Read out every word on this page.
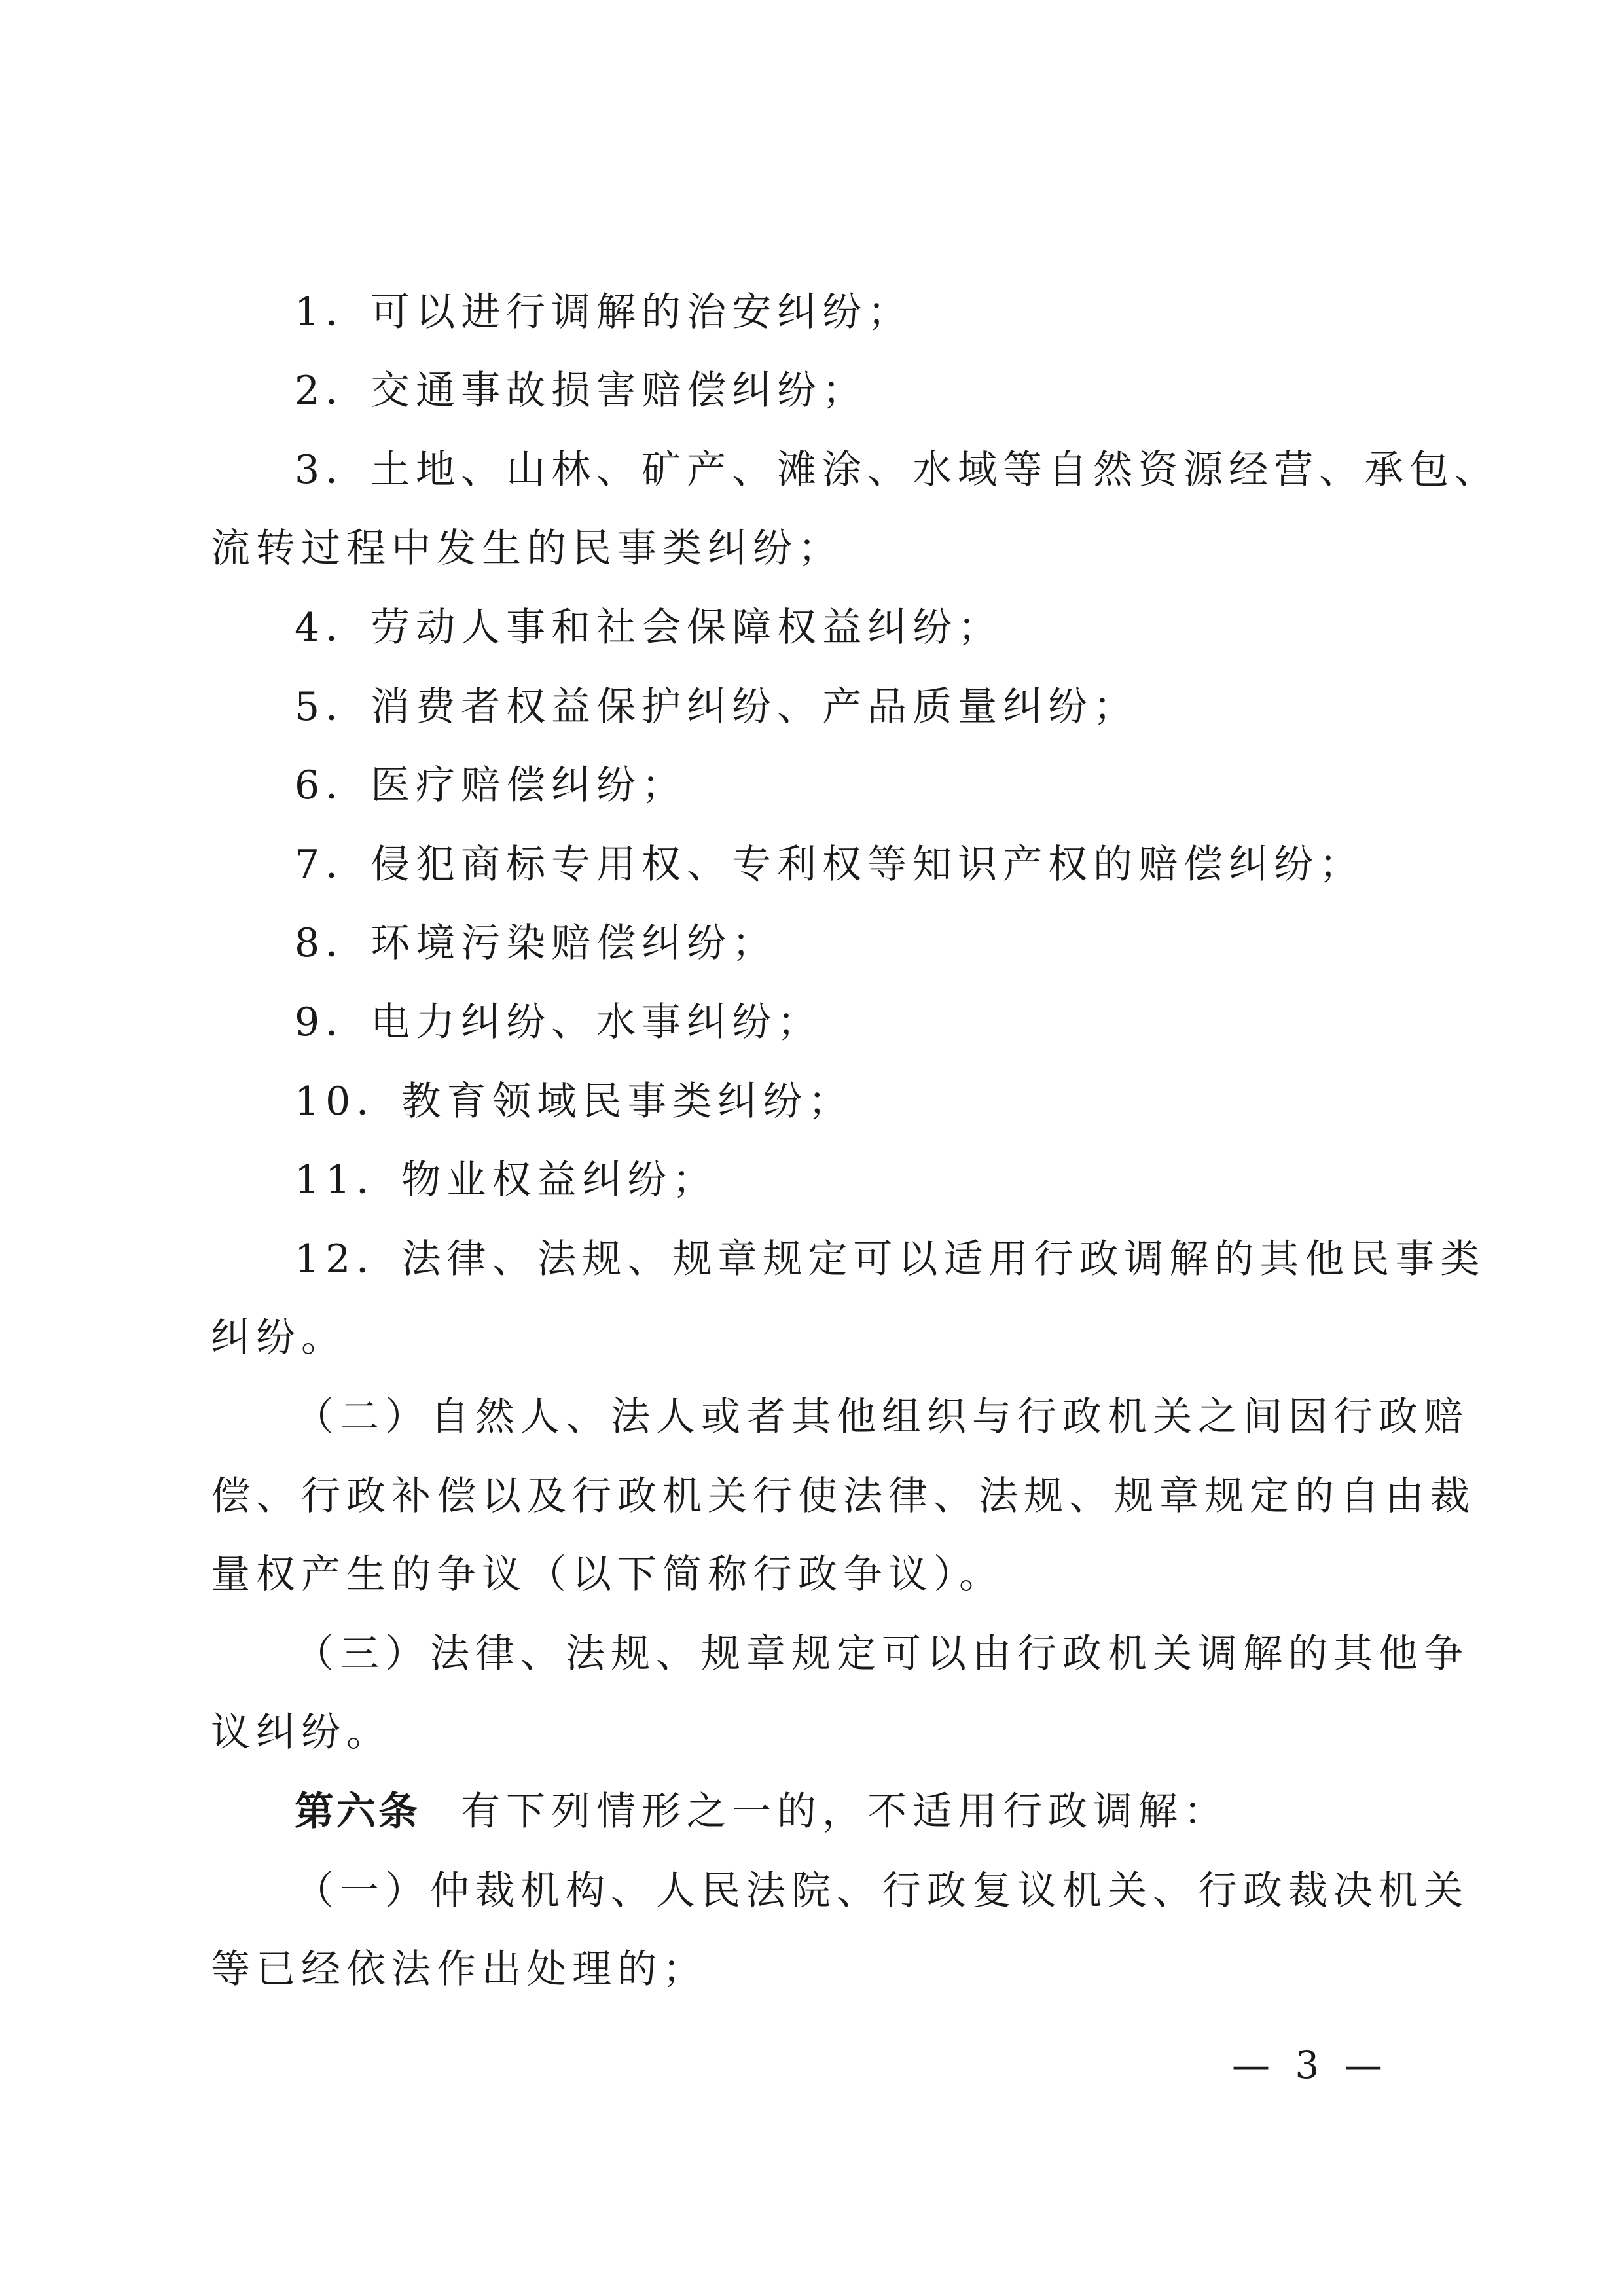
1．可以进行调解的治安纠纷；
2．交通事故损害赔偿纠纷；
3．土地、山林、矿产、滩涂、水域等自然资源经营、承包、
流转过程中发生的民事类纠纷；
4．劳动人事和社会保障权益纠纷；
5．消费者权益保护纠纷、产品质量纠纷；
6．医疗赔偿纠纷；
7．侵犯商标专用权、专利权等知识产权的赔偿纠纷；
8．环境污染赔偿纠纷；
9．电力纠纷、水事纠纷；
10．教育领域民事类纠纷；
11．物业权益纠纷；
12．法律、法规、规章规定可以适用行政调解的其他民事类
纠纷。
（二）自然人、法人或者其他组织与行政机关之间因行政赔
偿、行政补偿以及行政机关行使法律、法规、规章规定的自由裁
量权产生的争议（以下简称行政争议）。
（三）法律、法规、规章规定可以由行政机关调解的其他争
议纠纷。
第六条 有下列情形之一的，不适用行政调解：
（一）仲裁机构、人民法院、行政复议机关、行政裁决机关
等已经依法作出处理的；
— 3 —
